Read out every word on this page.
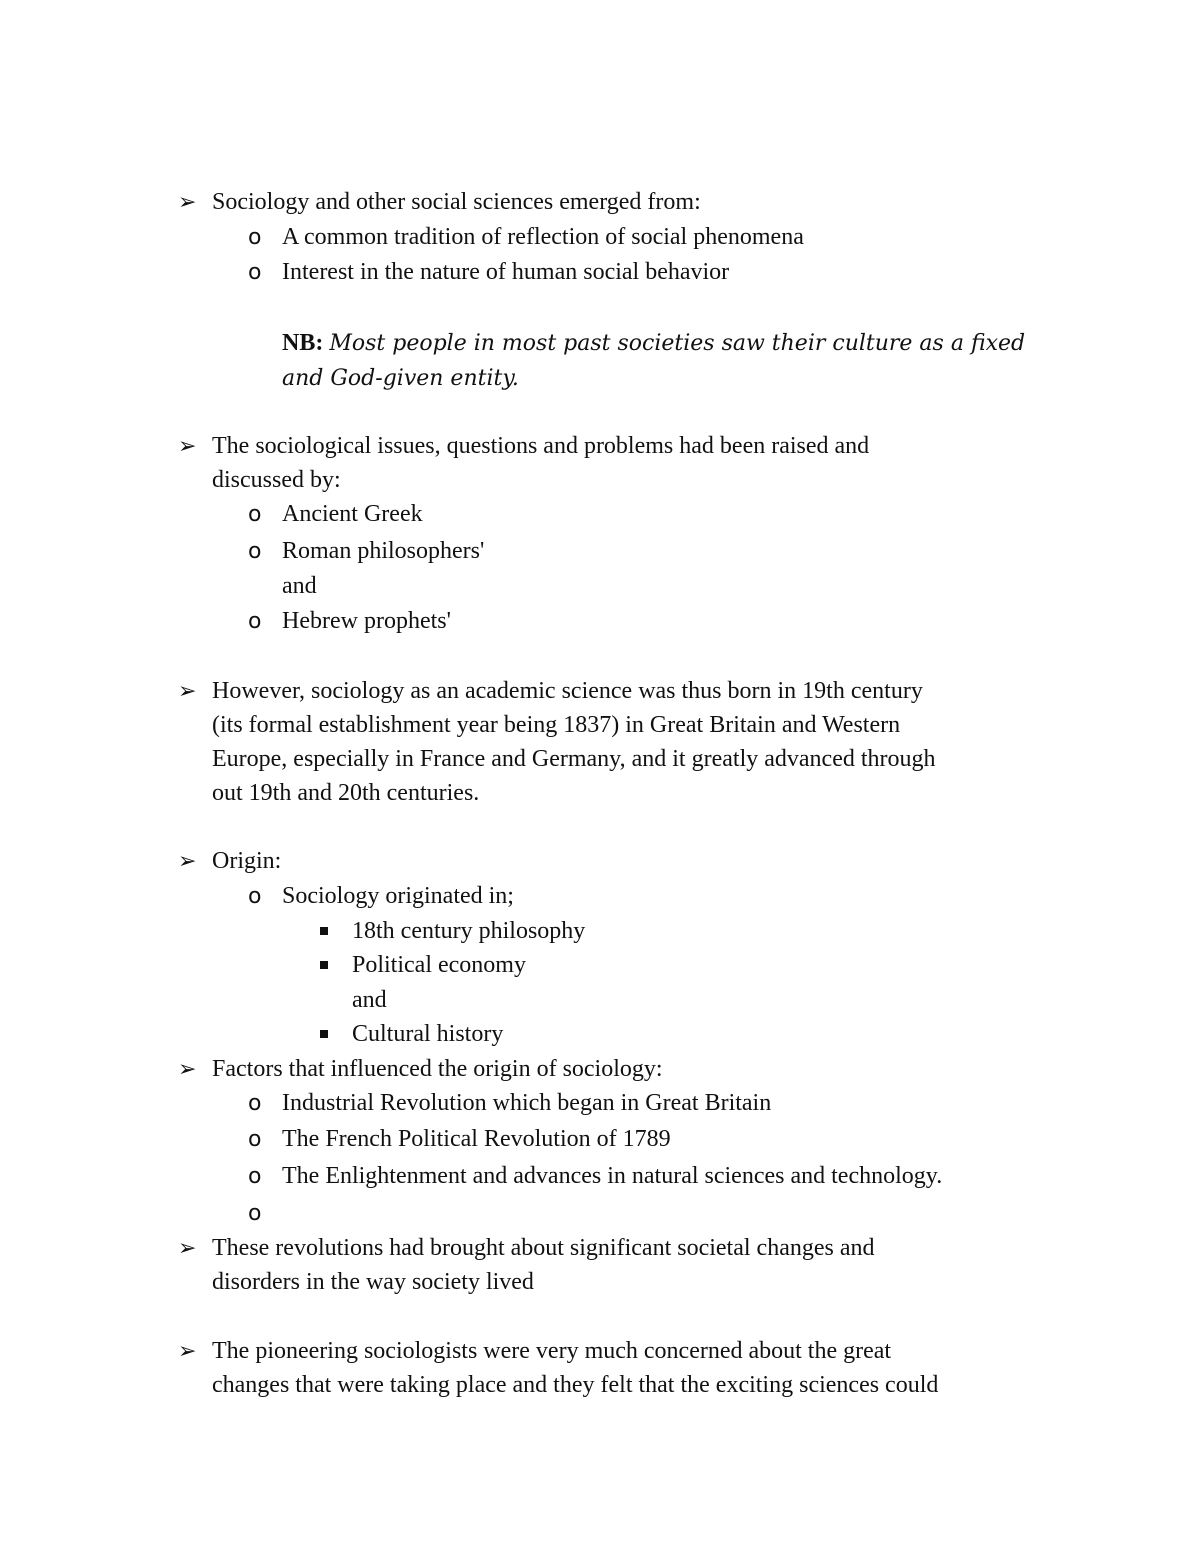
➢ Sociology and other social sciences emerged from:
o A common tradition of reflection of social phenomena
o Interest in the nature of human social behavior
NB: Most people in most past societies saw their culture as a fixed
and God-given entity.
➢ The sociological issues, questions and problems had been raised and
discussed by:
o Ancient Greek
o Roman philosophers'
and
o Hebrew prophets'
➢ However, sociology as an academic science was thus born in 19th century
(its formal establishment year being 1837) in Great Britain and Western
Europe, especially in France and Germany, and it greatly advanced through
out 19th and 20th centuries.
➢ Origin:
o Sociology originated in;
18th century philosophy
Political economy
and
Cultural history
➢ Factors that influenced the origin of sociology:
o Industrial Revolution which began in Great Britain
o The French Political Revolution of 1789
o The Enlightenment and advances in natural sciences and technology.
o
➢ These revolutions had brought about significant societal changes and
disorders in the way society lived
➢ The pioneering sociologists were very much concerned about the great
changes that were taking place and they felt that the exciting sciences could
